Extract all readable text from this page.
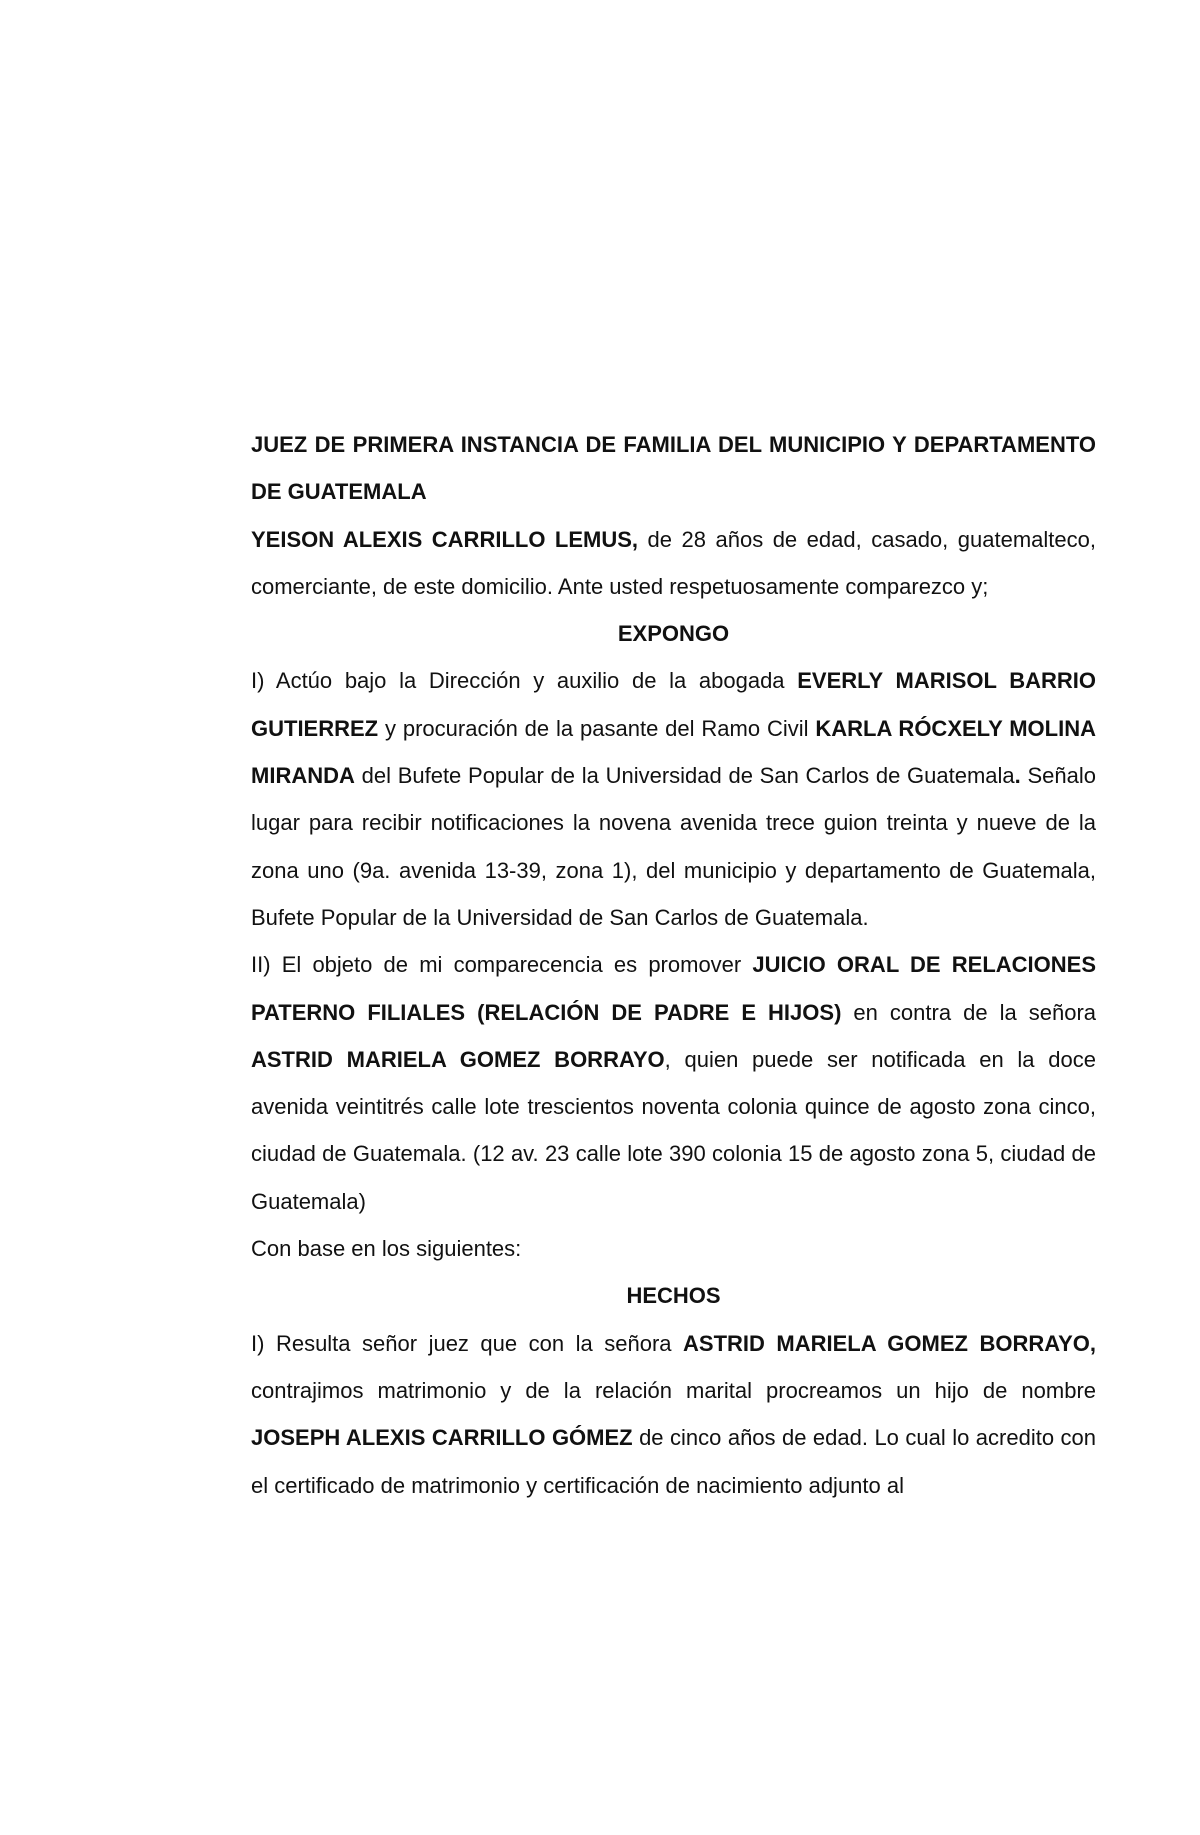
JUEZ DE PRIMERA INSTANCIA DE FAMILIA DEL MUNICIPIO Y DEPARTAMENTO DE GUATEMALA

YEISON ALEXIS CARRILLO LEMUS, de 28 años de edad, casado, guatemalteco, comerciante, de este domicilio. Ante usted respetuosamente comparezco y;

EXPONGO

I) Actúo bajo la Dirección y auxilio de la abogada EVERLY MARISOL BARRIO GUTIERREZ y procuración de la pasante del Ramo Civil KARLA RÓCXELY MOLINA MIRANDA del Bufete Popular de la Universidad de San Carlos de Guatemala. Señalo lugar para recibir notificaciones la novena avenida trece guion treinta y nueve de la zona uno (9a. avenida 13-39, zona 1), del municipio y departamento de Guatemala, Bufete Popular de la Universidad de San Carlos de Guatemala.

II) El objeto de mi comparecencia es promover JUICIO ORAL DE RELACIONES PATERNO FILIALES (RELACIÓN DE PADRE E HIJOS) en contra de la señora ASTRID MARIELA GOMEZ BORRAYO, quien puede ser notificada en la doce avenida veintitrés calle lote trescientos noventa colonia quince de agosto zona cinco, ciudad de Guatemala. (12 av. 23 calle lote 390 colonia 15 de agosto zona 5, ciudad de Guatemala)

Con base en los siguientes:

HECHOS

I) Resulta señor juez que con la señora ASTRID MARIELA GOMEZ BORRAYO, contrajimos matrimonio y de la relación marital procreamos un hijo de nombre JOSEPH ALEXIS CARRILLO GÓMEZ de cinco años de edad. Lo cual lo acredito con el certificado de matrimonio y certificación de nacimiento adjunto al
